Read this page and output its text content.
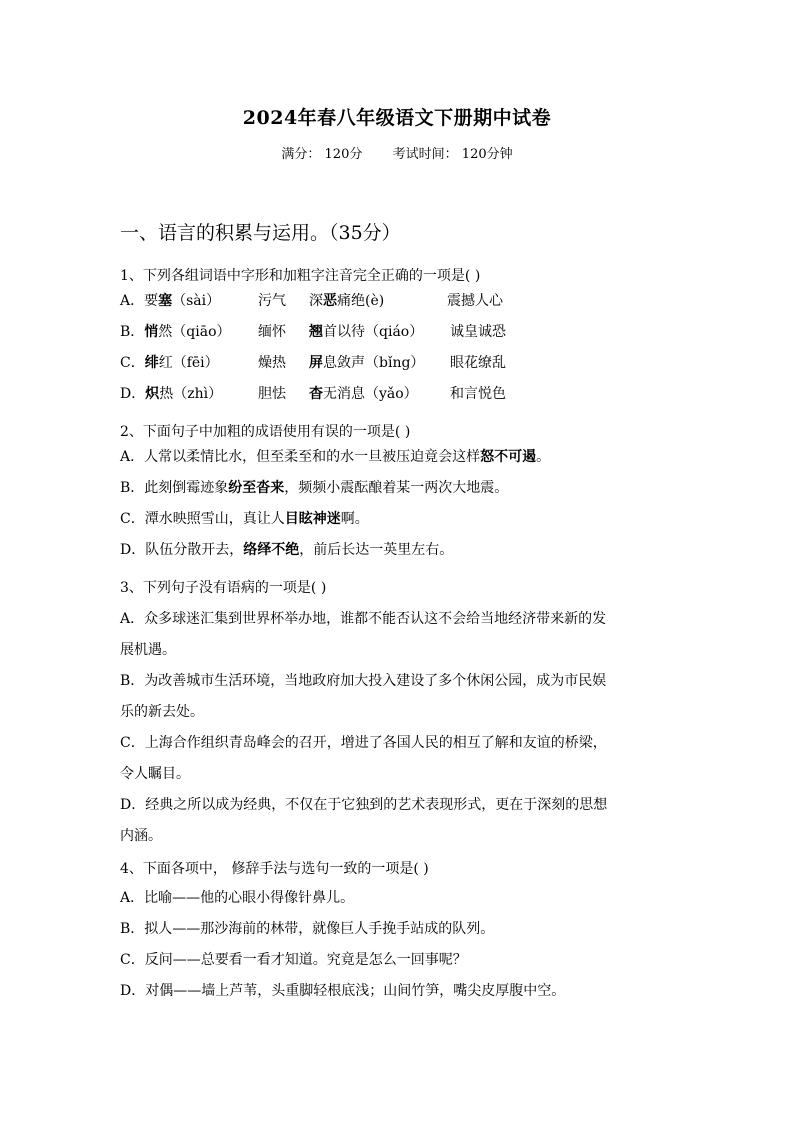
2024年春八年级语文下册期中试卷
满分： 120分 考试时间： 120分钟
一、语言的积累与运用。（35分）
1、下列各组词语中字形和加粗字注音完全正确的一项是( )
A．要塞（sài）	污气 深恶痛绝(è)	震撼人心
B．悄然（qiāo） 缅怀 翘首以待（qiáo） 诚皇诚恐
C．绯红（fēi）	燥热 屏息敛声（bǐng） 眼花缭乱
D．炽热（zhì）	胆怯 杳无消息（yǎo） 和言悦色
2、下面句子中加粗的成语使用有误的一项是( )
A．人常以柔情比水，但至柔至和的水一旦被压迫竟会这样怒不可遏。
B．此刻倒霉迹象纷至沓来，频频小震酝酿着某一两次大地震。
C．潭水映照雪山，真让人目眩神迷啊。
D．队伍分散开去，络绎不绝，前后长达一英里左右。
3、下列句子没有语病的一项是( )
A．众多球迷汇集到世界杯举办地，谁都不能否认这不会给当地经济带来新的发
展机遇。
B．为改善城市生活环境，当地政府加大投入建设了多个休闲公园，成为市民娱
乐的新去处。
C．上海合作组织青岛峰会的召开，增进了各国人民的相互了解和友谊的桥梁，
令人瞩目。
D．经典之所以成为经典，不仅在于它独到的艺术表现形式，更在于深刻的思想
内涵。
4、下面各项中， 修辞手法与选句一致的一项是( )
A．比喻——他的心眼小得像针鼻儿。
B．拟人——那沙海前的林带，就像巨人手挽手站成的队列。
C．反问——总要看一看才知道。究竟是怎么一回事呢？
D．对偶——墙上芦苇，头重脚轻根底浅；山间竹笋，嘴尖皮厚腹中空。
